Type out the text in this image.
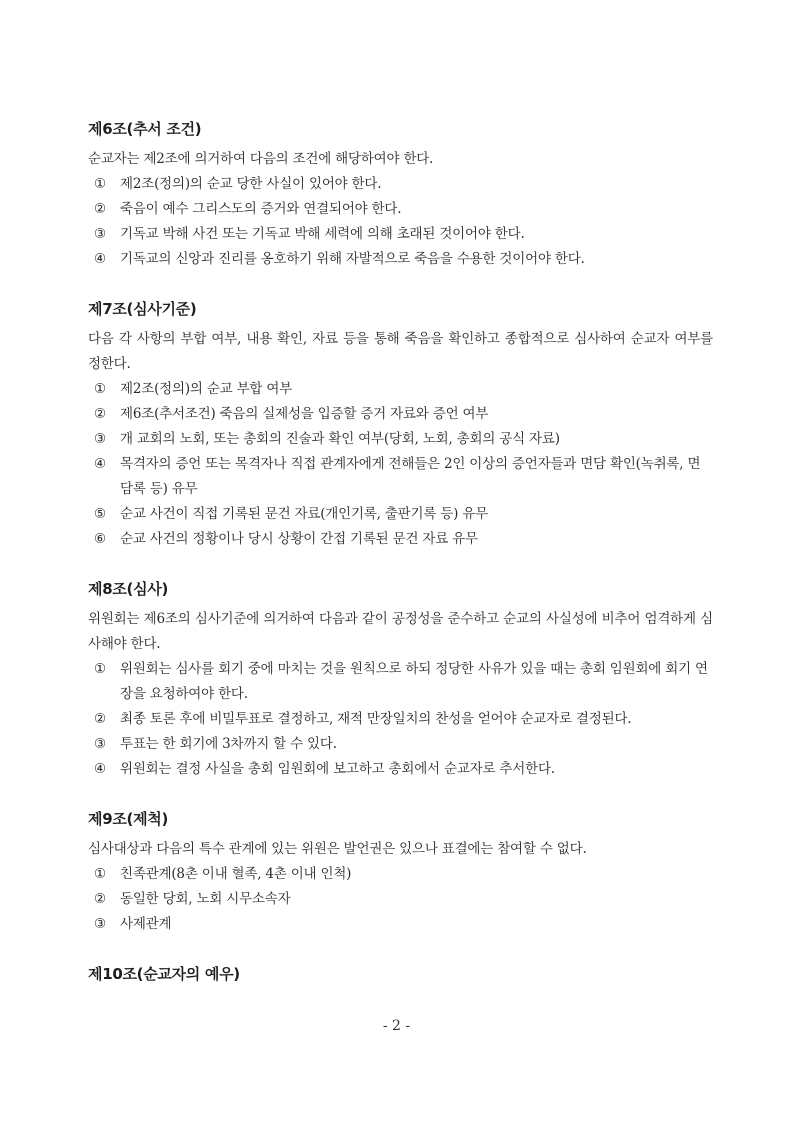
제6조(추서 조건)

순교자는 제2조에 의거하여 다음의 조건에 해당하여야 한다.

①	제2조(정의)의 순교 당한 사실이 있어야 한다.
②	죽음이 예수 그리스도의 증거와 연결되어야 한다.
③	기독교 박해 사건 또는 기독교 박해 세력에 의해 초래된 것이어야 한다.
④	기독교의 신앙과 진리를 옹호하기 위해 자발적으로 죽음을 수용한 것이어야 한다.
제7조(심사기준)

다음 각 사항의 부합 여부, 내용 확인, 자료 등을 통해 죽음을 확인하고 종합적으로 심사하여 순교자 여부를 정한다.

①	제2조(정의)의 순교 부합 여부
②	제6조(추서조건) 죽음의 실제성을 입증할 증거 자료와 증언 여부
③	개 교회의 노회, 또는 총회의 진술과 확인 여부(당회, 노회, 총회의 공식 자료)
④	목격자의 증언 또는 목격자나 직접 관계자에게 전해들은 2인 이상의 증언자들과 면담 확인(녹취록, 면담록 등) 유무
⑤	순교 사건이 직접 기록된 문건 자료(개인기록, 출판기록 등) 유무
⑥	순교 사건의 정황이나 당시 상황이 간접 기록된 문건 자료 유무
제8조(심사)

위원회는 제6조의 심사기준에 의거하여 다음과 같이 공정성을 준수하고 순교의 사실성에 비추어 엄격하게 심사해야 한다.

①	위원회는 심사를 회기 중에 마치는 것을 원칙으로 하되 정당한 사유가 있을 때는 총회 임원회에 회기 연장을 요청하여야 한다.
②	최종 토론 후에 비밀투표로 결정하고, 재적 만장일치의 찬성을 얻어야 순교자로 결정된다.
③	투표는 한 회기에 3차까지 할 수 있다.
④	위원회는 결정 사실을 총회 임원회에 보고하고 총회에서 순교자로 추서한다.
제9조(제척)

심사대상과 다음의 특수 관계에 있는 위원은 발언권은 있으나 표결에는 참여할 수 없다.

①	친족관계(8촌 이내 혈족, 4촌 이내 인척)
②	동일한 당회, 노회 시무소속자
③	사제관계
제10조(순교자의 예우)
- 2 -
